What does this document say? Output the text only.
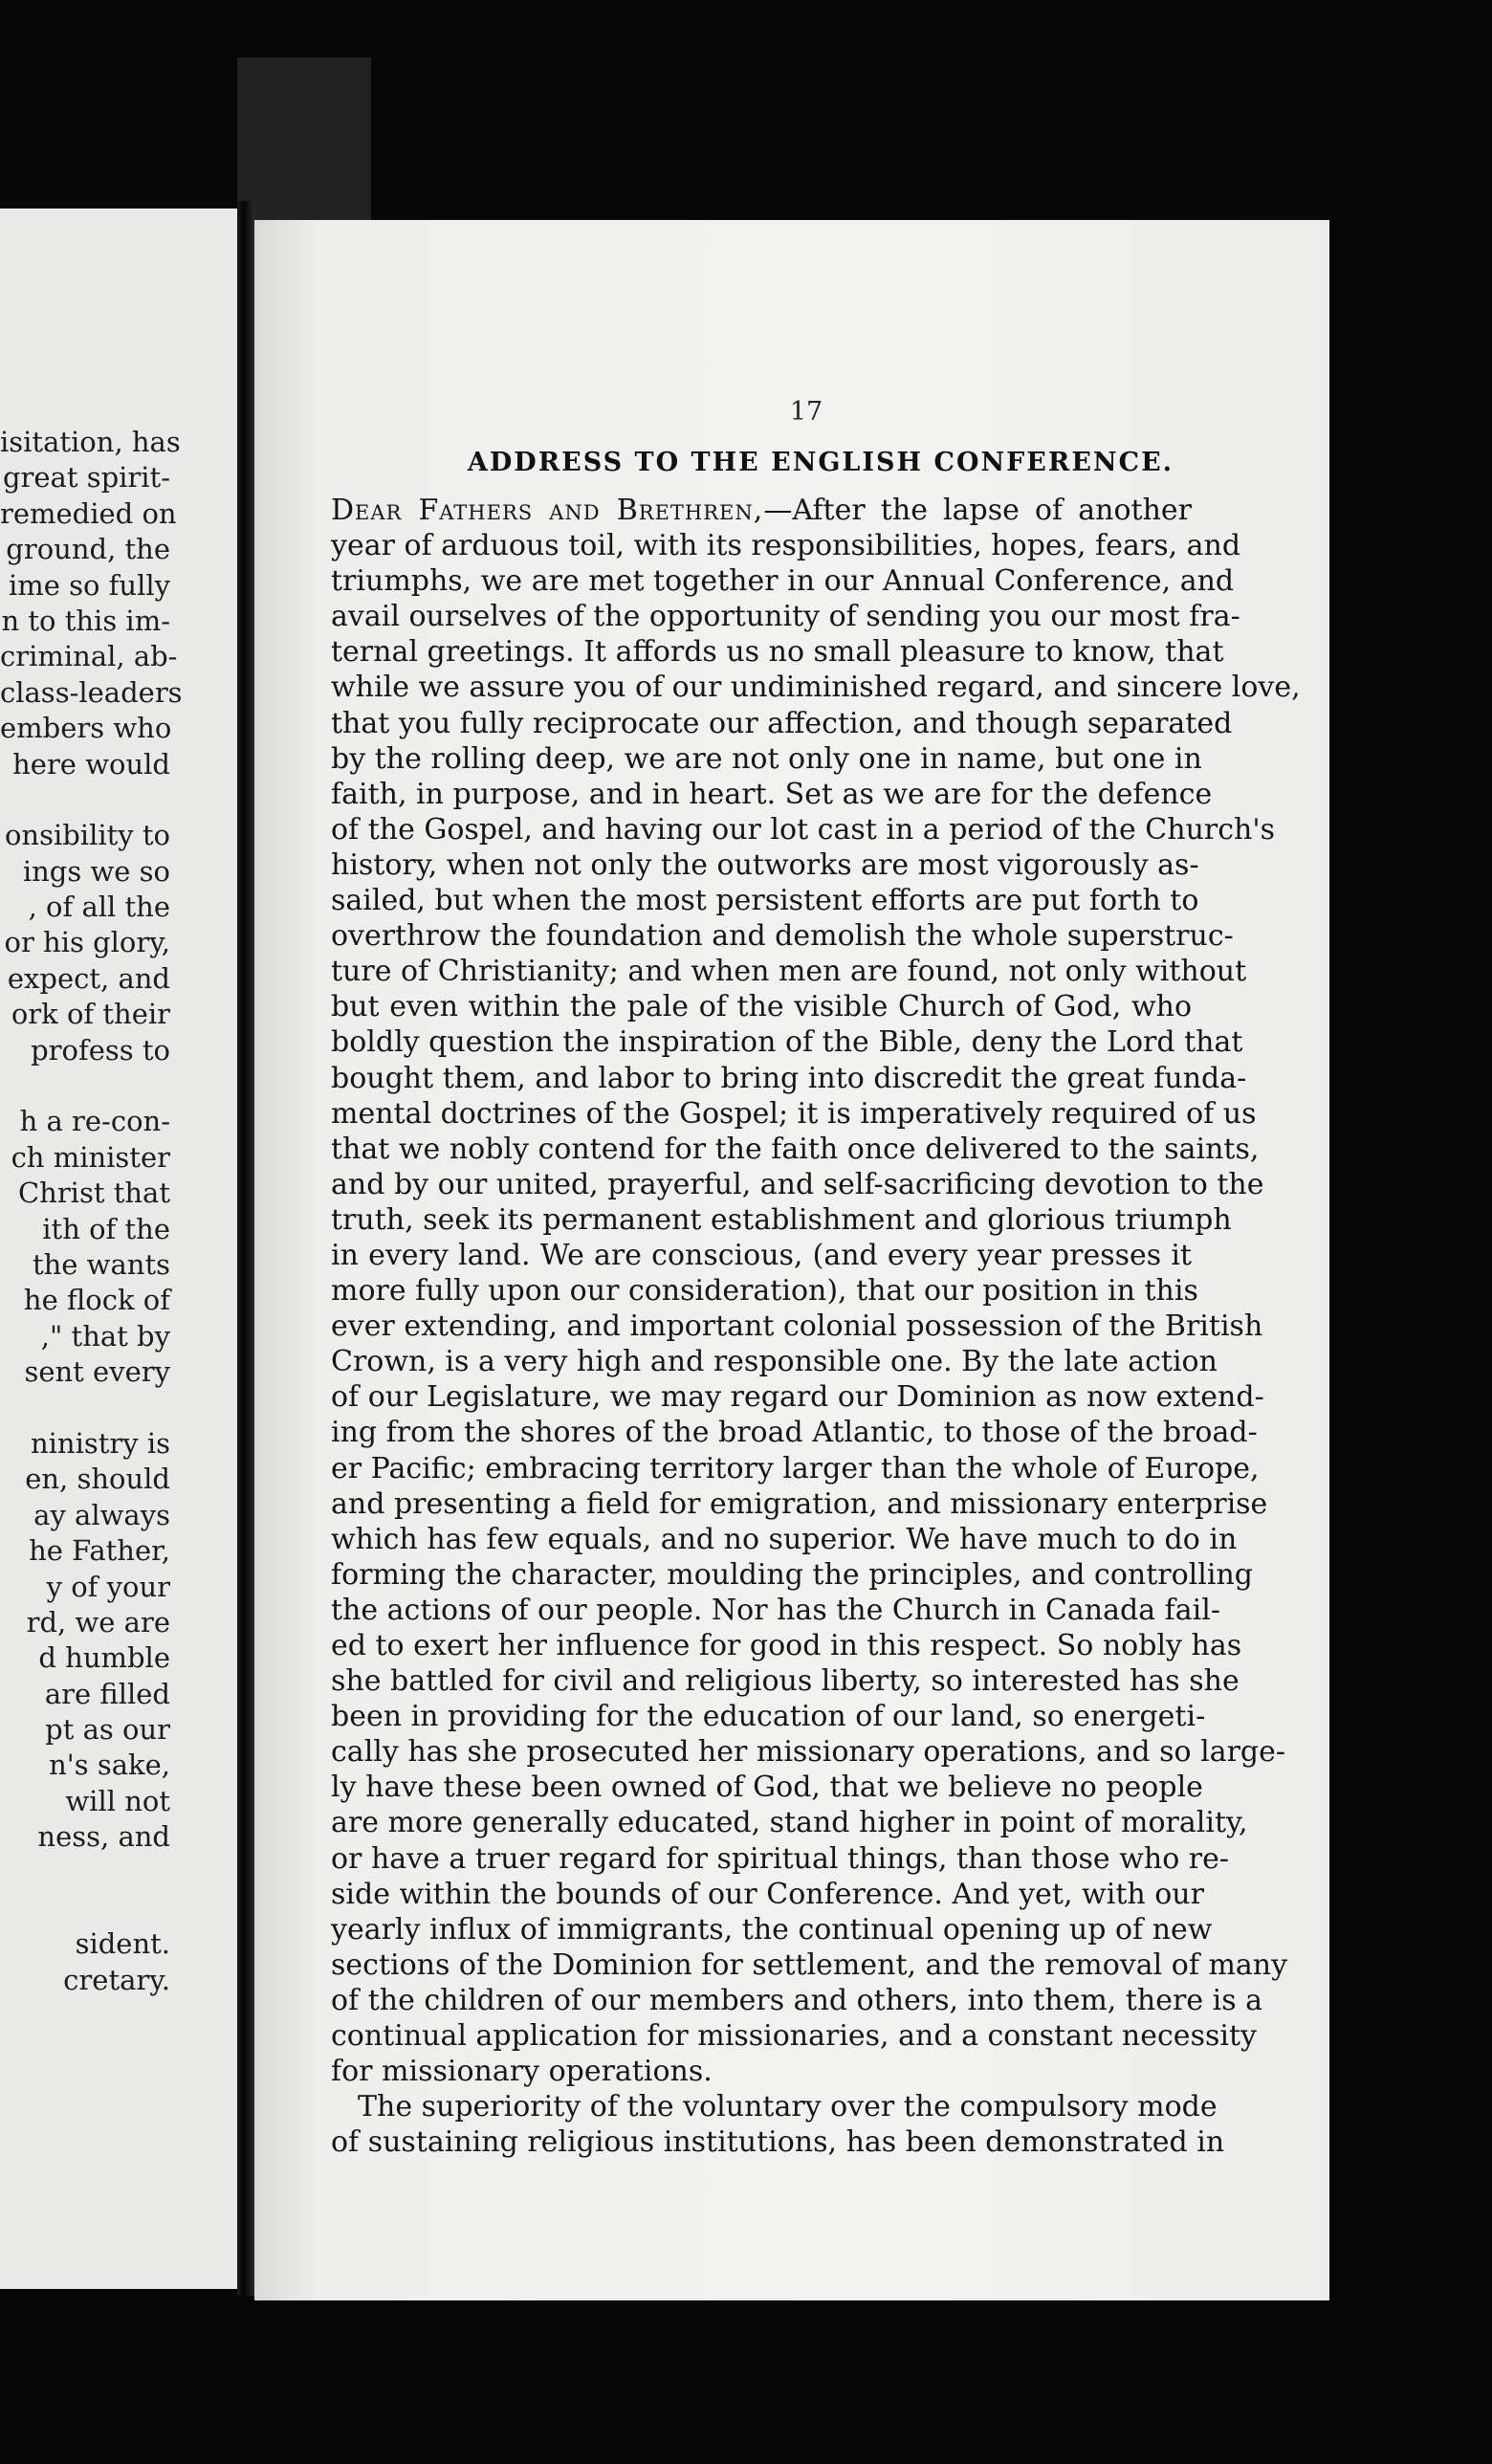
isitation, has
great spirit-
remedied on
ground, the
ime so fully
n to this im-
criminal, ab-
class-leaders
embers who
here would
onsibility to
ings we so
, of all the
or his glory,
expect, and
ork of their
profess to
h a re-con-
ch minister
Christ that
ith of the
the wants
he flock of
," that by
sent every
ninistry is
en, should
ay always
he Father,
y of your
rd, we are
d humble
are filled
pt as our
n's sake,
will not
ness, and
sident.
cretary.
17
ADDRESS TO THE ENGLISH CONFERENCE.
Dear Fathers and Brethren,—After the lapse of another
year of arduous toil, with its responsibilities, hopes, fears, and
triumphs, we are met together in our Annual Conference, and
avail ourselves of the opportunity of sending you our most fra-
ternal greetings. It affords us no small pleasure to know, that
while we assure you of our undiminished regard, and sincere love,
that you fully reciprocate our affection, and though separated
by the rolling deep, we are not only one in name, but one in
faith, in purpose, and in heart. Set as we are for the defence
of the Gospel, and having our lot cast in a period of the Church's
history, when not only the outworks are most vigorously as-
sailed, but when the most persistent efforts are put forth to
overthrow the foundation and demolish the whole superstruc-
ture of Christianity; and when men are found, not only without
but even within the pale of the visible Church of God, who
boldly question the inspiration of the Bible, deny the Lord that
bought them, and labor to bring into discredit the great funda-
mental doctrines of the Gospel; it is imperatively required of us
that we nobly contend for the faith once delivered to the saints,
and by our united, prayerful, and self-sacrificing devotion to the
truth, seek its permanent establishment and glorious triumph
in every land. We are conscious, (and every year presses it
more fully upon our consideration), that our position in this
ever extending, and important colonial possession of the British
Crown, is a very high and responsible one. By the late action
of our Legislature, we may regard our Dominion as now extend-
ing from the shores of the broad Atlantic, to those of the broad-
er Pacific; embracing territory larger than the whole of Europe,
and presenting a field for emigration, and missionary enterprise
which has few equals, and no superior. We have much to do in
forming the character, moulding the principles, and controlling
the actions of our people. Nor has the Church in Canada fail-
ed to exert her influence for good in this respect. So nobly has
she battled for civil and religious liberty, so interested has she
been in providing for the education of our land, so energeti-
cally has she prosecuted her missionary operations, and so large-
ly have these been owned of God, that we believe no people
are more generally educated, stand higher in point of morality,
or have a truer regard for spiritual things, than those who re-
side within the bounds of our Conference. And yet, with our
yearly influx of immigrants, the continual opening up of new
sections of the Dominion for settlement, and the removal of many
of the children of our members and others, into them, there is a
continual application for missionaries, and a constant necessity
for missionary operations.
The superiority of the voluntary over the compulsory mode
of sustaining religious institutions, has been demonstrated in
